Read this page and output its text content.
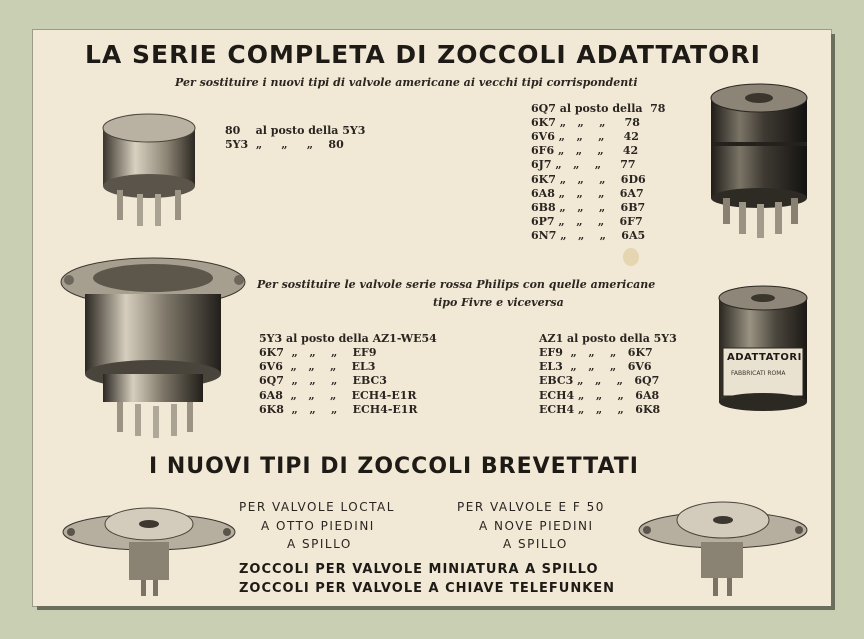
LA SERIE COMPLETA DI ZOCCOLI ADATTATORI
Per sostituire i nuovi tipi di valvole americane ai vecchi tipi corrispondenti
80    al posto della 5Y3
5Y3  „     „     „    80
6Q7 al posto della  78
6K7 „   „    „     78
6V6 „   „    „     42
6F6 „   „    „     42
6J7 „   „    „     77
6K7 „   „    „    6D6
6A8 „   „    „    6A7
6B8 „   „    „    6B7
6P7 „   „    „    6F7
6N7 „   „    „    6A5
Per sostituire le valvole serie rossa Philips con quelle americane
tipo Fivre e viceversa
5Y3 al posto della AZ1-WE54
6K7  „   „    „    EF9
6V6  „   „    „    EL3
6Q7  „   „    „    EBC3
6A8  „   „    „    ECH4-E1R
6K8  „   „    „    ECH4-E1R
AZ1 al posto della 5Y3
EF9  „   „    „   6K7
EL3  „   „    „   6V6
EBC3 „   „    „   6Q7
ECH4 „   „    „   6A8
ECH4 „   „    „   6K8
ADATTATORI
FABBRICATI ROMA
I NUOVI TIPI DI ZOCCOLI BREVETTATI
PER VALVOLE LOCTAL
A OTTO PIEDINI
A SPILLO
PER VALVOLE E F 50
A NOVE PIEDINI
A SPILLO
ZOCCOLI PER VALVOLE MINIATURA A SPILLO
ZOCCOLI PER VALVOLE A CHIAVE TELEFUNKEN
